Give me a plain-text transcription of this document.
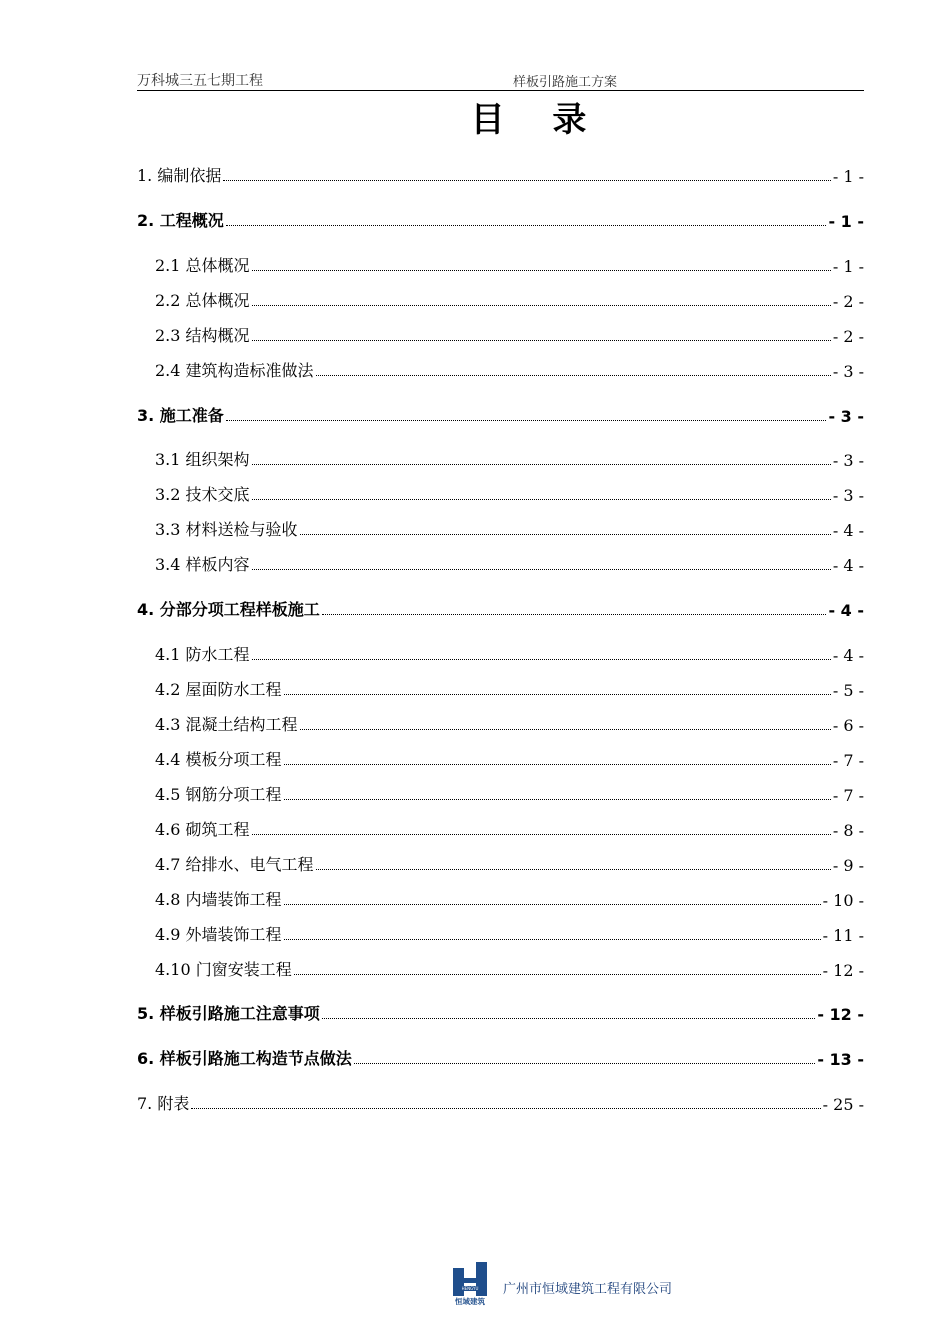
万科城三五七期工程	样板引路施工方案
目 录
1. 编制依据	- 1 -
2. 工程概况	- 1 -
2.1 总体概况	- 1 -
2.2 总体概况	- 2 -
2.3 结构概况	- 2 -
2.4 建筑构造标准做法	- 3 -
3. 施工准备	- 3 -
3.1 组织架构	- 3 -
3.2 技术交底	- 3 -
3.3 材料送检与验收	- 4 -
3.4 样板内容	- 4 -
4. 分部分项工程样板施工	- 4 -
4.1 防水工程	- 4 -
4.2 屋面防水工程	- 5 -
4.3 混凝土结构工程	- 6 -
4.4 模板分项工程	- 7 -
4.5 钢筋分项工程	- 7 -
4.6 砌筑工程	- 8 -
4.7 给排水、电气工程	- 9 -
4.8 内墙装饰工程	- 10 -
4.9 外墙装饰工程	- 11 -
4.10 门窗安装工程	- 12 -
5. 样板引路施工注意事项	- 12 -
6. 样板引路施工构造节点做法	- 13 -
7. 附表	- 25 -
HENGYU
恒域建筑
广州市恒域建筑工程有限公司
